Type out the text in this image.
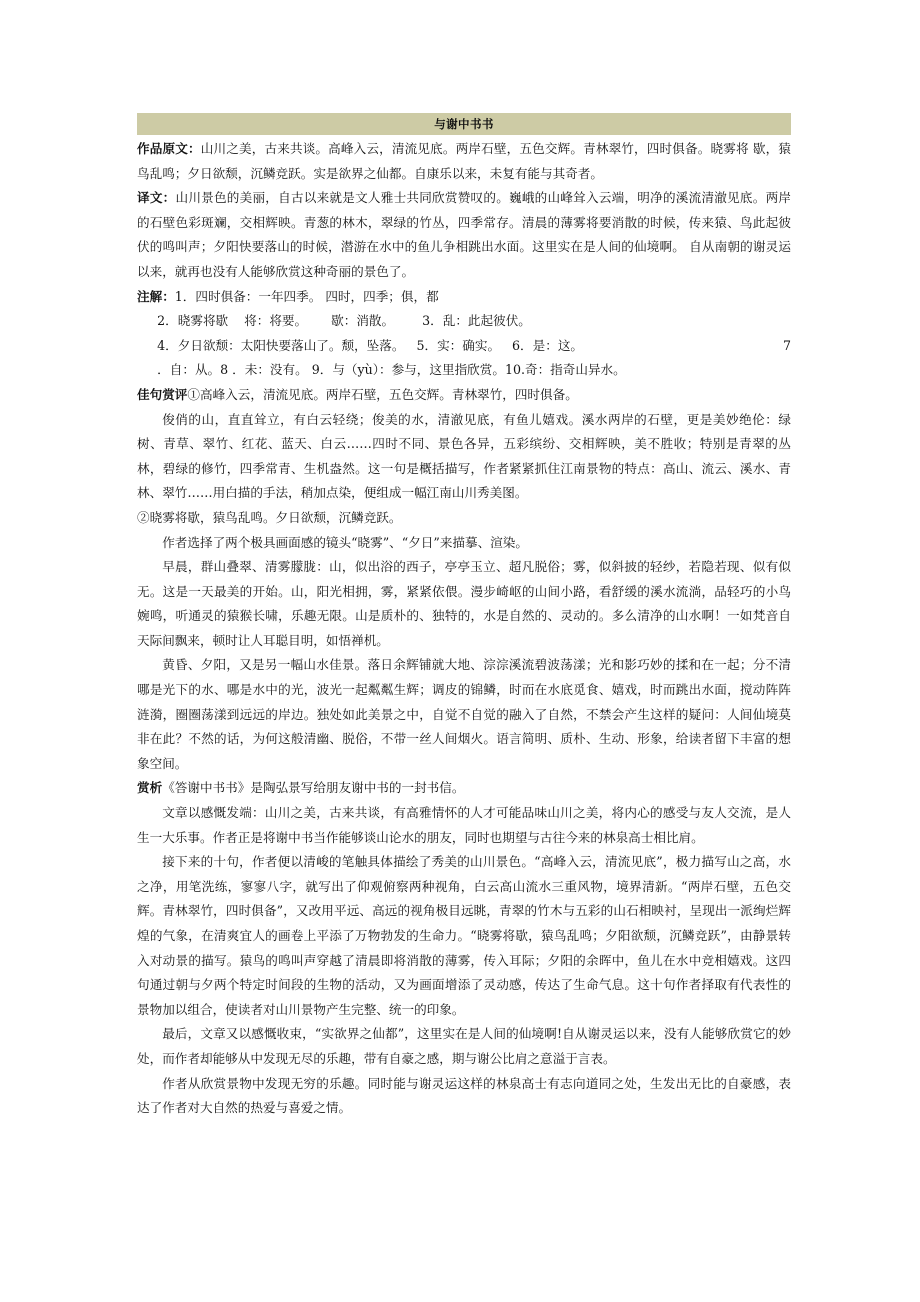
与谢中书书

作品原文：山川之美，古来共谈。高峰入云，清流见底。两岸石壁，五色交辉。青林翠竹，四时俱备。晓雾将 歇，猿鸟乱鸣；夕日欲颓，沉鳞竞跃。实是欲界之仙都。自康乐以来，未复有能与其奇者。

译文：山川景色的美丽，自古以来就是文人雅士共同欣赏赞叹的。巍峨的山峰耸入云端，明净的溪流清澈见底。两岸的石壁色彩斑斓，交相辉映。青葱的林木，翠绿的竹丛，四季常存。清晨的薄雾将要消散的时候，传来猿、鸟此起彼伏的鸣叫声；夕阳快要落山的时候，潜游在水中的鱼儿争相跳出水面。这里实在是人间的仙境啊。 自从南朝的谢灵运以来，就再也没有人能够欣赏这种奇丽的景色了。

注解：1．四时俱备：一年四季。 四时，四季；俱，都

2．晓雾将歇    将：将要。      歇：消散。       3．乱：此起彼伏。

4．夕日欲颓：太阳快要落山了。颓，坠落。   5．实：确实。   6．是：这。	7

．自：从。8 ．未：没有。 9．与（yù）：参与，这里指欣赏。10.奇：指奇山异水。

佳句赏评①高峰入云，清流见底。两岸石壁，五色交辉。青林翠竹，四时俱备。

俊俏的山，直直耸立，有白云轻绕；俊美的水，清澈见底，有鱼儿嬉戏。溪水两岸的石壁，更是美妙绝伦：绿树、青草、翠竹、红花、蓝天、白云……四时不同、景色各异，五彩缤纷、交相辉映，美不胜收；特别是青翠的丛林，碧绿的修竹，四季常青、生机盎然。这一句是概括描写，作者紧紧抓住江南景物的特点：高山、流云、溪水、青林、翠竹……用白描的手法，稍加点染，便组成一幅江南山川秀美图。

②晓雾将歇，猿鸟乱鸣。夕日欲颓，沉鳞竞跃。

作者选择了两个极具画面感的镜头“晓雾”、“夕日”来描摹、渲染。

早晨，群山叠翠、清雾朦胧：山，似出浴的西子，亭亭玉立、超凡脱俗；雾，似斜披的轻纱，若隐若现、似有似无。这是一天最美的开始。山，阳光相拥，雾，紧紧依偎。漫步崎岖的山间小路，看舒缓的溪水流淌，品轻巧的小鸟婉鸣，听通灵的猿猴长啸，乐趣无限。山是质朴的、独特的，水是自然的、灵动的。多么清净的山水啊！一如梵音自天际间飘来，顿时让人耳聪目明，如悟禅机。

黄昏、夕阳，又是另一幅山水佳景。落日余辉铺就大地、淙淙溪流碧波荡漾；光和影巧妙的揉和在一起；分不清哪是光下的水、哪是水中的光，波光一起粼粼生辉；调皮的锦鳞，时而在水底觅食、嬉戏，时而跳出水面，搅动阵阵涟漪，圈圈荡漾到远远的岸边。独处如此美景之中，自觉不自觉的融入了自然，不禁会产生这样的疑问：人间仙境莫非在此？不然的话，为何这般清幽、脱俗，不带一丝人间烟火。语言简明、质朴、生动、形象，给读者留下丰富的想象空间。

赏析《答谢中书书》是陶弘景写给朋友谢中书的一封书信。

文章以感慨发端：山川之美，古来共谈，有高雅情怀的人才可能品味山川之美，将内心的感受与友人交流，是人生一大乐事。作者正是将谢中书当作能够谈山论水的朋友，同时也期望与古往今来的林泉高士相比肩。

接下来的十句，作者便以清峻的笔触具体描绘了秀美的山川景色。“高峰入云，清流见底”，极力描写山之高，水之净，用笔洗练，寥寥八字，就写出了仰观俯察两种视角，白云高山流水三重风物，境界清新。“两岸石壁，五色交辉。青林翠竹，四时俱备”，又改用平远、高远的视角极目远眺，青翠的竹木与五彩的山石相映衬，呈现出一派绚烂辉煌的气象，在清爽宜人的画卷上平添了万物勃发的生命力。“晓雾将歇，猿鸟乱鸣；夕阳欲颓，沉鳞竞跃”，由静景转入对动景的描写。猿鸟的鸣叫声穿越了清晨即将消散的薄雾，传入耳际；夕阳的余晖中，鱼儿在水中竞相嬉戏。这四句通过朝与夕两个特定时间段的生物的活动，又为画面增添了灵动感，传达了生命气息。这十句作者择取有代表性的景物加以组合，使读者对山川景物产生完整、统一的印象。

最后，文章又以感慨收束，“实欲界之仙都”，这里实在是人间的仙境啊!自从谢灵运以来，没有人能够欣赏它的妙处，而作者却能够从中发现无尽的乐趣，带有自豪之感，期与谢公比肩之意溢于言表。

作者从欣赏景物中发现无穷的乐趣。同时能与谢灵运这样的林泉高士有志向道同之处，生发出无比的自豪感，表达了作者对大自然的热爱与喜爱之情。
